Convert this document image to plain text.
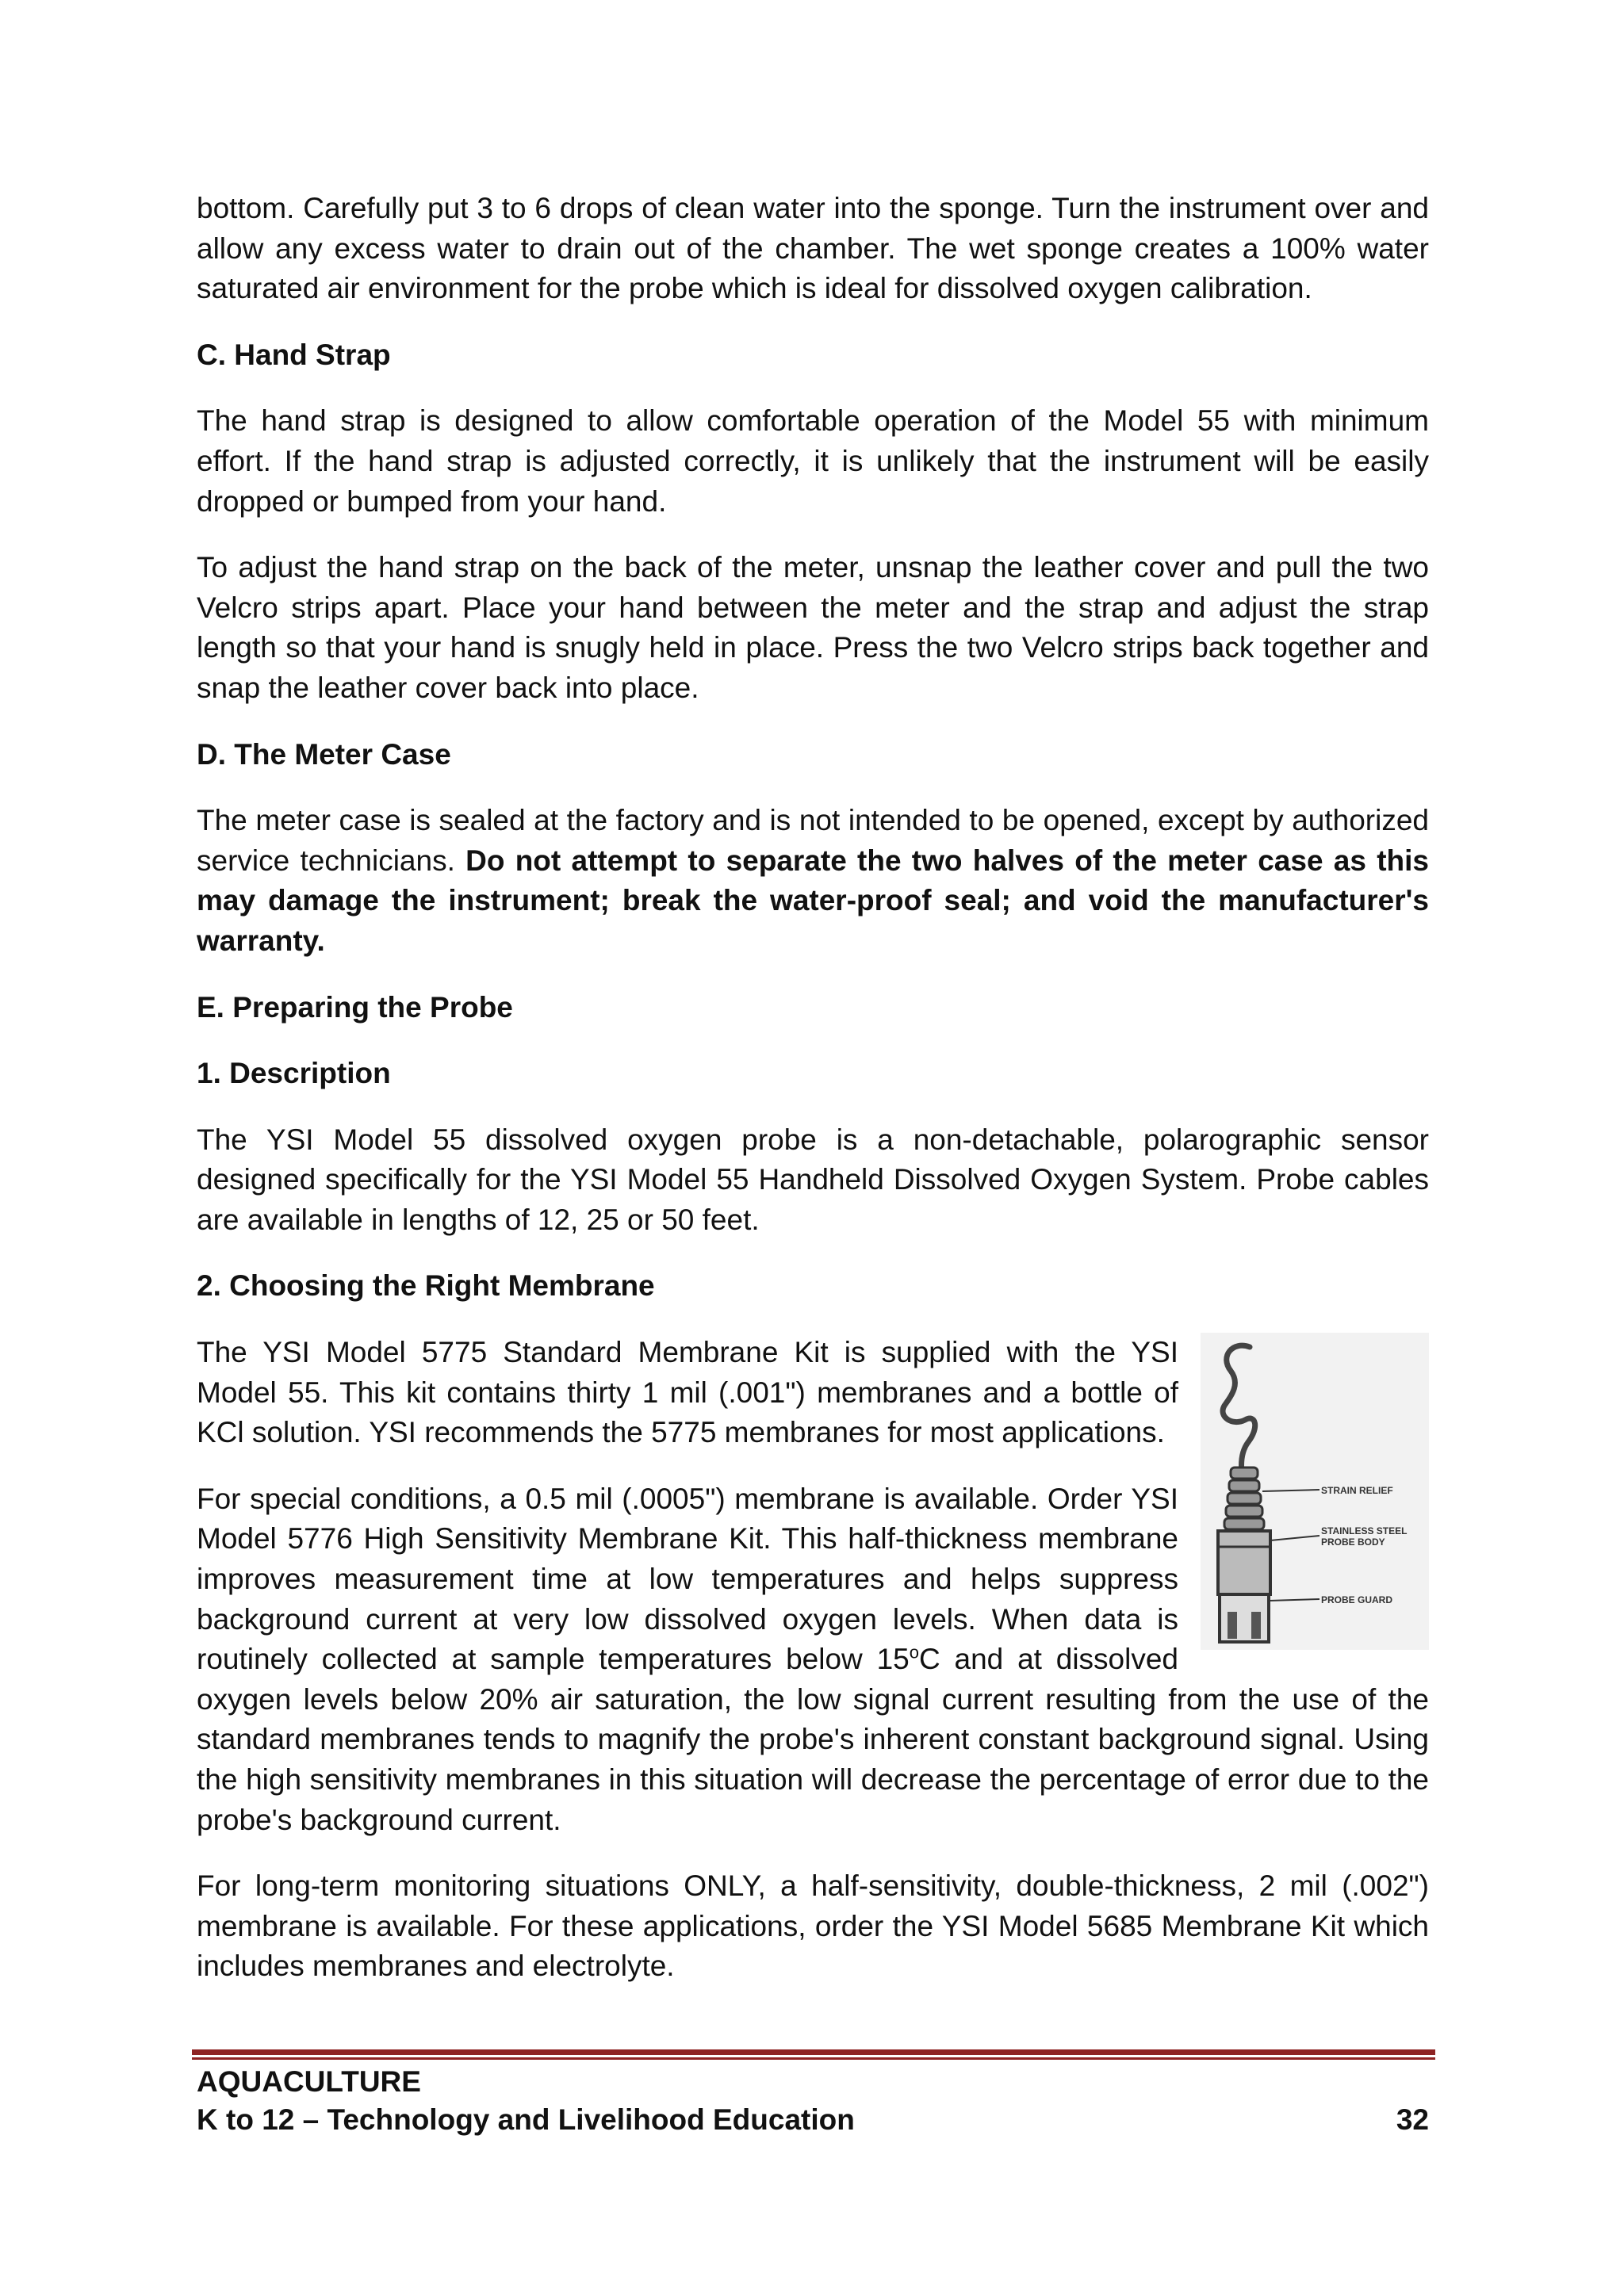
bottom. Carefully put 3 to 6 drops of clean water into the sponge. Turn the instrument over and allow any excess water to drain out of the chamber. The wet sponge creates a 100% water saturated air environment for the probe which is ideal for dissolved oxygen calibration.

C. Hand Strap

The hand strap is designed to allow comfortable operation of the Model 55 with minimum effort. If the hand strap is adjusted correctly, it is unlikely that the instrument will be easily dropped or bumped from your hand.

To adjust the hand strap on the back of the meter, unsnap the leather cover and pull the two Velcro strips apart. Place your hand between the meter and the strap and adjust the strap length so that your hand is snugly held in place. Press the two Velcro strips back together and snap the leather cover back into place.

D. The Meter Case

The meter case is sealed at the factory and is not intended to be opened, except by authorized service technicians. Do not attempt to separate the two halves of the meter case as this may damage the instrument; break the water-proof seal; and void the manufacturer's warranty.

E. Preparing the Probe
1. Description

The YSI Model 55 dissolved oxygen probe is a non-detachable, polarographic sensor designed specifically for the YSI Model 55 Handheld Dissolved Oxygen System. Probe cables are available in lengths of 12, 25 or 50 feet.

2. Choosing the Right Membrane
STRAIN RELIEF
STAINLESS STEEL
PROBE BODY
PROBE GUARD

The YSI Model 5775 Standard Membrane Kit is supplied with the YSI Model 55. This kit contains thirty 1 mil (.001") membranes and a bottle of KCl solution. YSI recommends the 5775 membranes for most applications.

For special conditions, a 0.5 mil (.0005") membrane is available. Order YSI Model 5776 High Sensitivity Membrane Kit. This half-thickness membrane improves measurement time at low temperatures and helps suppress background current at very low dissolved oxygen levels. When data is routinely collected at sample temperatures below 15$^o$C and at dissolved oxygen levels below 20% air saturation, the low signal current resulting from the use of the standard membranes tends to magnify the probe's inherent constant background signal. Using the high sensitivity membranes in this situation will decrease the percentage of error due to the probe's background current.

For long-term monitoring situations ONLY, a half-sensitivity, double-thickness, 2 mil (.002") membrane is available. For these applications, order the YSI Model 5685 Membrane Kit which includes membranes and electrolyte.

AQUACULTURE
K to 12 – Technology and Livelihood Education	32
